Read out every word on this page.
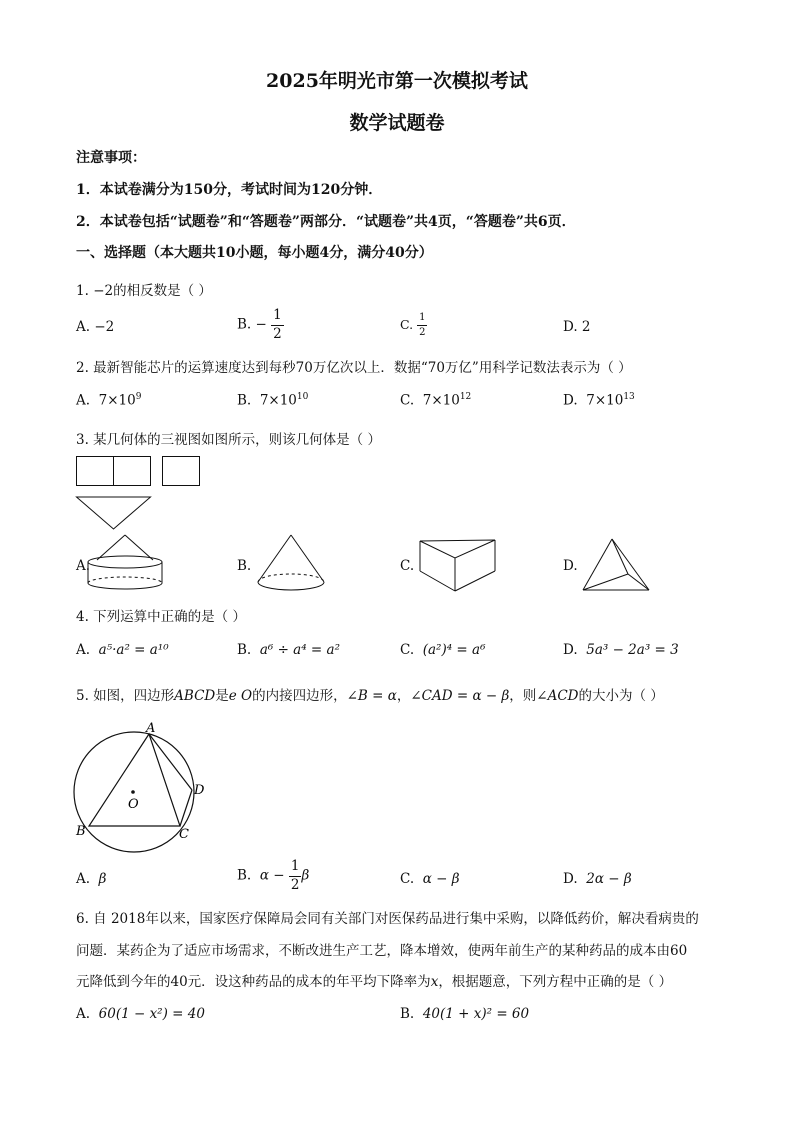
2025年明光市第一次模拟考试
数学试题卷
注意事项：
1．本试卷满分为150分，考试时间为120分钟．
2．本试卷包括“试题卷”和“答题卷”两部分．“试题卷”共4页，“答题卷”共6页．
一、选择题（本大题共10小题，每小题4分，满分40分）
1. −2的相反数是（ ）
A. −2	B. − $\frac{1}{2}$	C. $\frac{1}{2}$	D. 2
2. 最新智能芯片的运算速度达到每秒70万亿次以上．数据“70万亿”用科学记数法表示为（ ）
A. $7\times 10^9$	B. $7\times 10^{10}$	C. $7\times 10^{12}$	D. $7\times 10^{13}$
3. 某几何体的三视图如图所示，则该几何体是（ ）
A.	B.	C.	D.
4. 下列运算中正确的是（ ）
A. a⁵·a² = a¹⁰	B. a⁶ ÷ a⁴ = a²	C. (a²)⁴ = a⁶	D. 5a³ − 2a³ = 3
5. 如图，四边形ABCD是e O的内接四边形，∠B = α，∠CAD = α − β，则∠ACD的大小为（ ）
A
B	C
D
O
A. β	B. $\alpha - \frac{1}{2}$ β	C. α − β	D. 2α − β
6. 自 2018年以来，国家医疗保障局会同有关部门对医保药品进行集中采购，以降低药价，解决看病贵的
问题．某药企为了适应市场需求，不断改进生产工艺，降本增效，使两年前生产的某种药品的成本由60
元降低到今年的40元．设这种药品的成本的年平均下降率为x，根据题意，下列方程中正确的是（ ）
A. 60(1 − x²) = 40	B. 40(1 + x)² = 60
